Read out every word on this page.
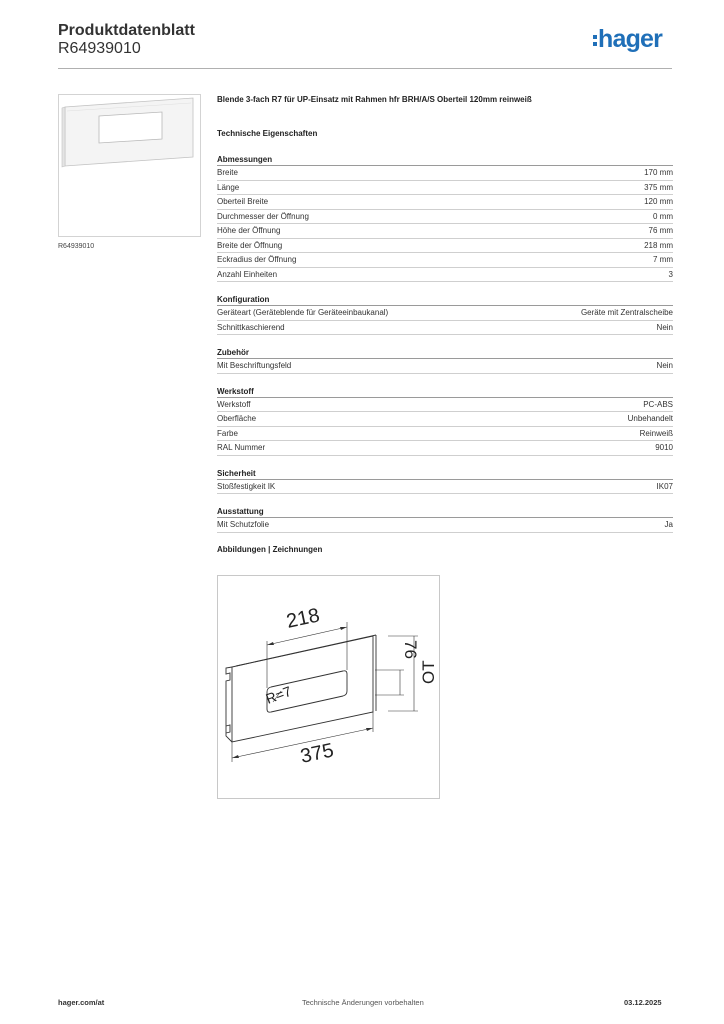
Produktdatenblatt
R64939010	hager
R64939010
Blende 3-fach R7 für UP-Einsatz mit Rahmen hfr BRH/A/S Oberteil 120mm reinweiß
Technische Eigenschaften
Abmessungen
Breite	170 mm
Länge	375 mm
Oberteil Breite	120 mm
Durchmesser der Öffnung	0 mm
Höhe der Öffnung	76 mm
Breite der Öffnung	218 mm
Eckradius der Öffnung	7 mm
Anzahl Einheiten	3
Konfiguration
Geräteart (Geräteblende für Geräteeinbaukanal)	Geräte mit Zentralscheibe
Schnittkaschierend	Nein
Zubehör
Mit Beschriftungsfeld	Nein
Werkstoff
Werkstoff	PC-ABS
Oberfläche	Unbehandelt
Farbe	Reinweiß
RAL Nummer	9010
Sicherheit
Stoßfestigkeit IK	IK07
Ausstattung
Mit Schutzfolie	Ja
Abbildungen | Zeichnungen
218
76
OT
R=7
375
hager.com/at	Technische Änderungen vorbehalten	03.12.2025
